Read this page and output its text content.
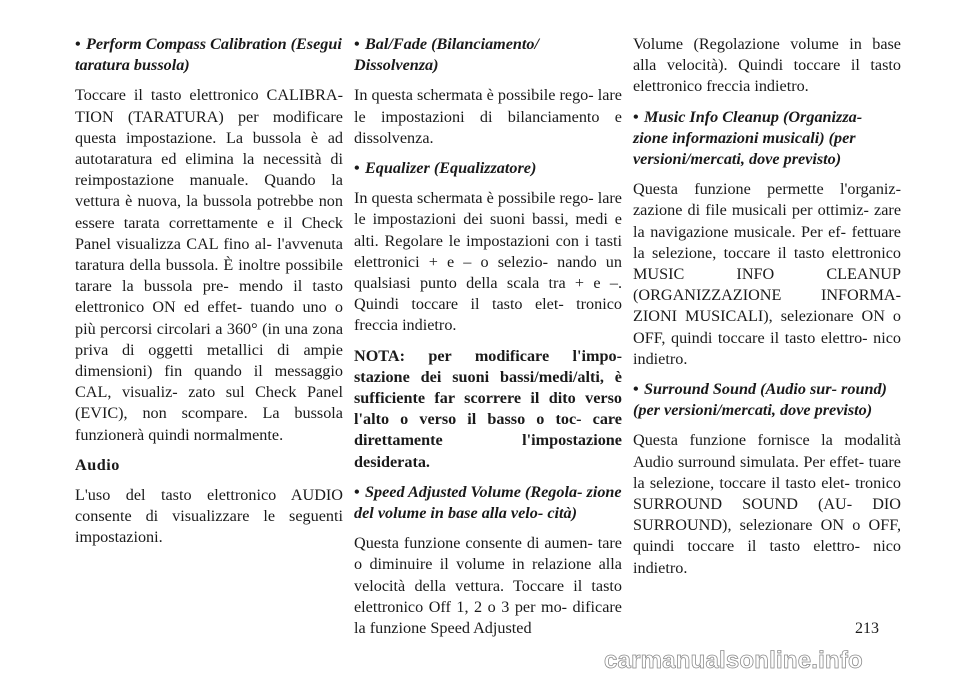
• Perform Compass Calibration (Esegui taratura bussola)

Toccare il tasto elettronico CALIBRA- TION (TARATURA) per modificare questa impostazione. La bussola è ad autotaratura ed elimina la necessità di reimpostazione manuale. Quando la vettura è nuova, la bussola potrebbe non essere tarata correttamente e il Check Panel visualizza CAL fino al- l'avvenuta taratura della bussola. È inoltre possibile tarare la bussola pre- mendo il tasto elettronico ON ed effet- tuando uno o più percorsi circolari a 360° (in una zona priva di oggetti metallici di ampie dimensioni) fin quando il messaggio CAL, visualiz- zato sul Check Panel (EVIC), non scompare. La bussola funzionerà quindi normalmente.

Audio

L'uso del tasto elettronico AUDIO consente di visualizzare le seguenti impostazioni.

• Bal/Fade (Bilanciamento/ Dissolvenza)

In questa schermata è possibile rego- lare le impostazioni di bilanciamento e dissolvenza.

• Equalizer (Equalizzatore)

In questa schermata è possibile rego- lare le impostazioni dei suoni bassi, medi e alti. Regolare le impostazioni con i tasti elettronici + e – o selezio- nando un qualsiasi punto della scala tra + e –. Quindi toccare il tasto elet- tronico freccia indietro.

NOTA: per modificare l'impo- stazione dei suoni bassi/medi/alti, è sufficiente far scorrere il dito verso l'alto o verso il basso o toc- care direttamente l'impostazione desiderata.

• Speed Adjusted Volume (Regola- zione del volume in base alla velo- cità)

Questa funzione consente di aumen- tare o diminuire il volume in relazione alla velocità della vettura. Toccare il tasto elettronico Off 1, 2 o 3 per mo- dificare la funzione Speed Adjusted

Volume (Regolazione volume in base alla velocità). Quindi toccare il tasto elettronico freccia indietro.

• Music Info Cleanup (Organizza- zione informazioni musicali) (per versioni/mercati, dove previsto)

Questa funzione permette l'organiz- zazione di file musicali per ottimiz- zare la navigazione musicale. Per ef- fettuare la selezione, toccare il tasto elettronico MUSIC INFO CLEANUP (ORGANIZZAZIONE INFORMA- ZIONI MUSICALI), selezionare ON o OFF, quindi toccare il tasto elettro- nico indietro.

• Surround Sound (Audio sur- round) (per versioni/mercati, dove previsto)

Questa funzione fornisce la modalità Audio surround simulata. Per effet- tuare la selezione, toccare il tasto elet- tronico SURROUND SOUND (AU- DIO SURROUND), selezionare ON o OFF, quindi toccare il tasto elettro- nico indietro.

213
carmanualsonline.info
